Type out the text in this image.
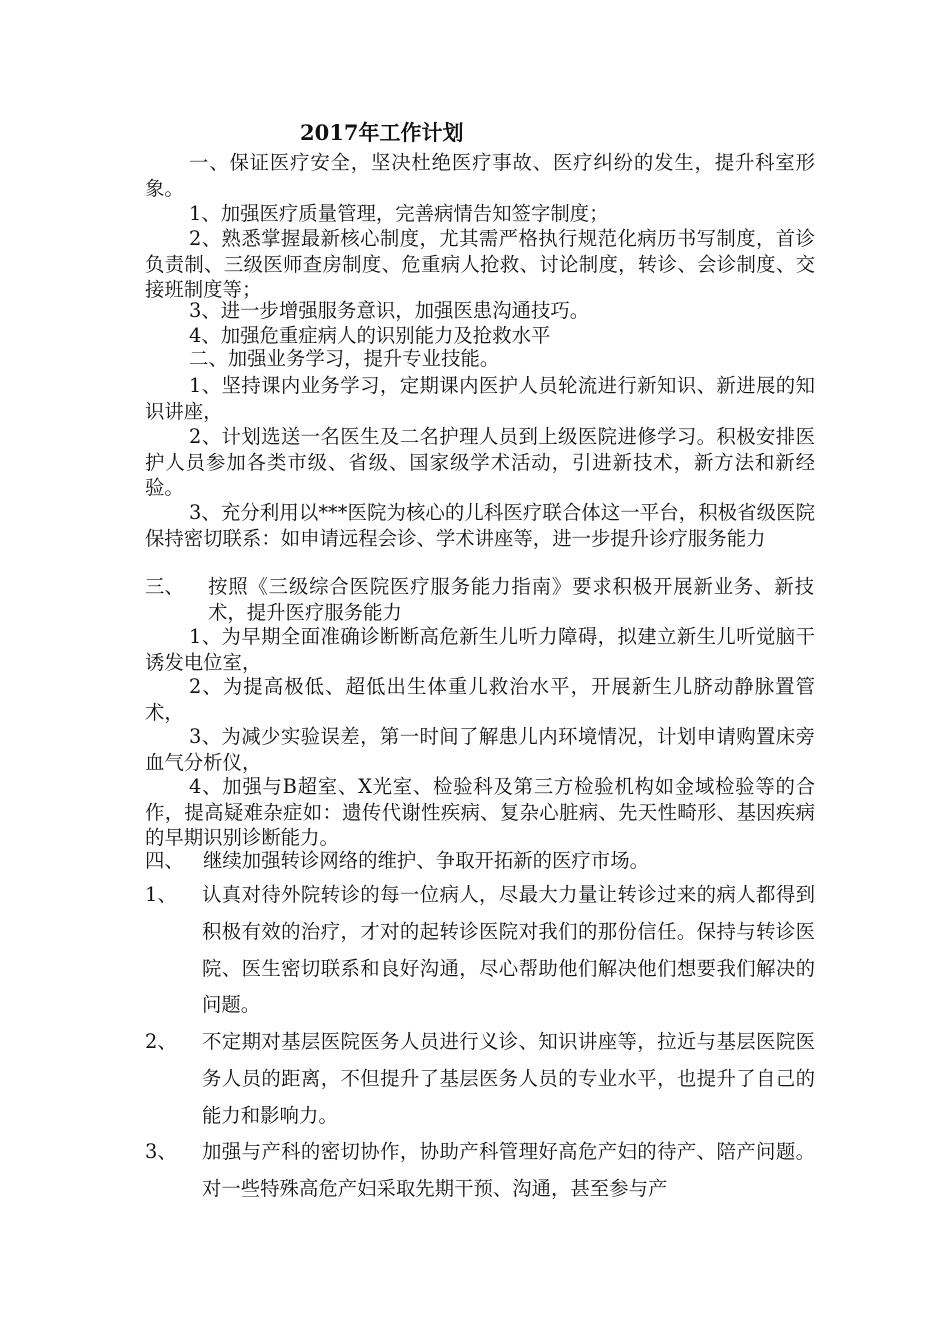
2017年工作计划

一、保证医疗安全，坚决杜绝医疗事故、医疗纠纷的发生，提升科室形象。

1、加强医疗质量管理，完善病情告知签字制度；

2、熟悉掌握最新核心制度，尤其需严格执行规范化病历书写制度，首诊负责制、三级医师查房制度、危重病人抢救、讨论制度，转诊、会诊制度、交接班制度等；

3、进一步增强服务意识，加强医患沟通技巧。

4、加强危重症病人的识别能力及抢救水平

二、加强业务学习，提升专业技能。

1、坚持课内业务学习，定期课内医护人员轮流进行新知识、新进展的知识讲座，

2、计划选送一名医生及二名护理人员到上级医院进修学习。积极安排医护人员参加各类市级、省级、国家级学术活动，引进新技术，新方法和新经验。

3、充分利用以***医院为核心的儿科医疗联合体这一平台，积极省级医院保持密切联系：如申请远程会诊、学术讲座等，进一步提升诊疗服务能力

三、 按照《三级综合医院医疗服务能力指南》要求积极开展新业务、新技术，提升医疗服务能力

1、为早期全面准确诊断断高危新生儿听力障碍，拟建立新生儿听觉脑干诱发电位室，

2、为提高极低、超低出生体重儿救治水平，开展新生儿脐动静脉置管术，

3、为减少实验误差，第一时间了解患儿内环境情况，计划申请购置床旁血气分析仪，

4、加强与B超室、X光室、检验科及第三方检验机构如金域检验等的合作，提高疑难杂症如：遗传代谢性疾病、复杂心脏病、先天性畸形、基因疾病的早期识别诊断能力。

四、 继续加强转诊网络的维护、争取开拓新的医疗市场。
1、 认真对待外院转诊的每一位病人，尽最大力量让转诊过来的病人都得到积极有效的治疗，才对的起转诊医院对我们的那份信任。保持与转诊医院、医生密切联系和良好沟通，尽心帮助他们解决他们想要我们解决的问题。
2、 不定期对基层医院医务人员进行义诊、知识讲座等，拉近与基层医院医务人员的距离，不但提升了基层医务人员的专业水平，也提升了自己的能力和影响力。
3、 加强与产科的密切协作，协助产科管理好高危产妇的待产、陪产问题。对一些特殊高危产妇采取先期干预、沟通，甚至参与产
